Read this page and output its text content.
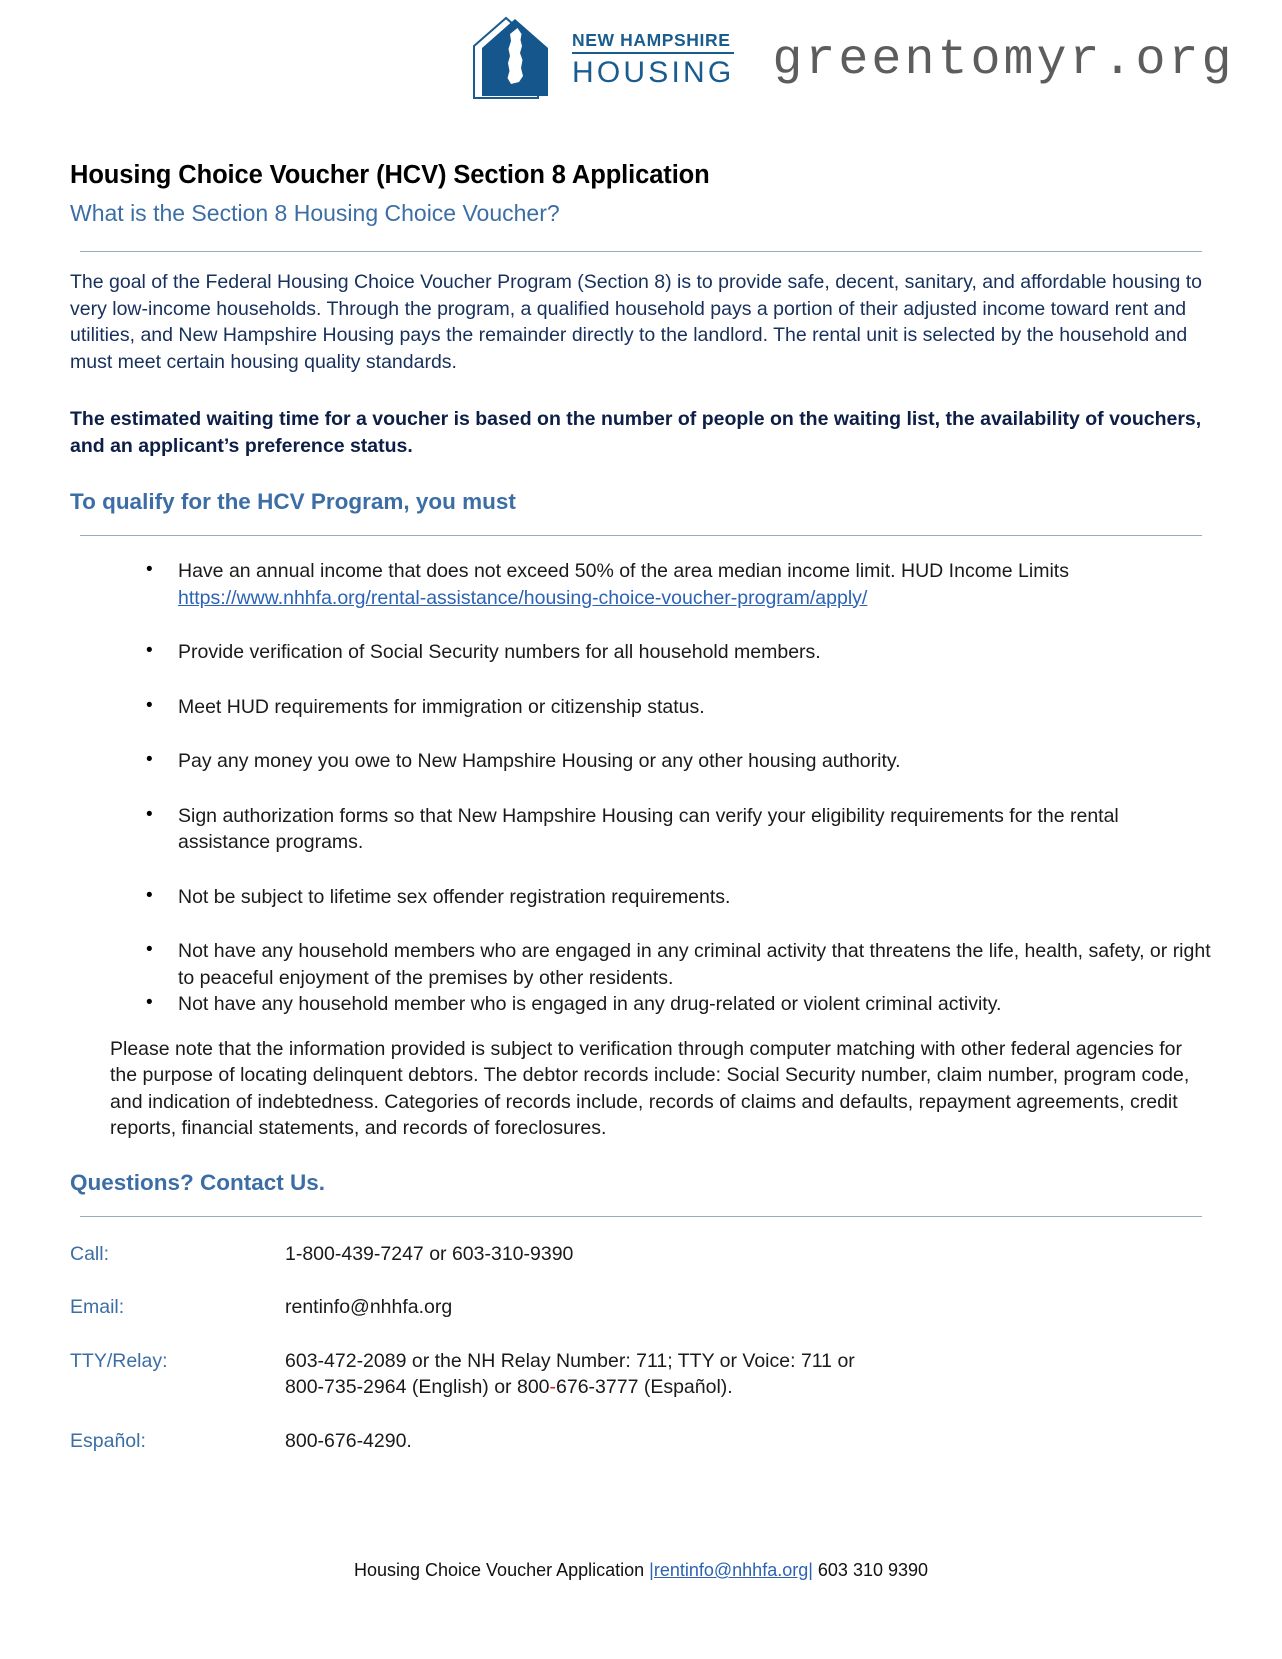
NEW HAMPSHIRE
HOUSING greentomyr.org
Housing Choice Voucher (HCV) Section 8 Application
What is the Section 8 Housing Choice Voucher?

The goal of the Federal Housing Choice Voucher Program (Section 8) is to provide safe, decent, sanitary, and affordable housing to very low-income households. Through the program, a qualified household pays a portion of their adjusted income toward rent and utilities, and New Hampshire Housing pays the remainder directly to the landlord. The rental unit is selected by the household and must meet certain housing quality standards.

The estimated waiting time for a voucher is based on the number of people on the waiting list, the availability of vouchers, and an applicant’s preference status.

To qualify for the HCV Program, you must
• Have an annual income that does not exceed 50% of the area median income limit. HUD Income Limits https://www.nhhfa.org/rental-assistance/housing-choice-voucher-program/apply/
• Provide verification of Social Security numbers for all household members.
• Meet HUD requirements for immigration or citizenship status.
• Pay any money you owe to New Hampshire Housing or any other housing authority.
• Sign authorization forms so that New Hampshire Housing can verify your eligibility requirements for the rental assistance programs.
• Not be subject to lifetime sex offender registration requirements.
• Not have any household members who are engaged in any criminal activity that threatens the life, health, safety, or right to peaceful enjoyment of the premises by other residents.
• Not have any household member who is engaged in any drug-related or violent criminal activity.

Please note that the information provided is subject to verification through computer matching with other federal agencies for the purpose of locating delinquent debtors. The debtor records include: Social Security number, claim number, program code, and indication of indebtedness. Categories of records include, records of claims and defaults, repayment agreements, credit reports, financial statements, and records of foreclosures.

Questions? Contact Us.
Call:	1-800-439-7247 or 603-310-9390
Email:	rentinfo@nhhfa.org
TTY/Relay:	603-472-2089 or the NH Relay Number: 711; TTY or Voice: 711 or
800-735-2964 (English) or 800-676-3777 (Español).
Español:	800-676-4290.
Housing Choice Voucher Application |rentinfo@nhhfa.org| 603 310 9390
